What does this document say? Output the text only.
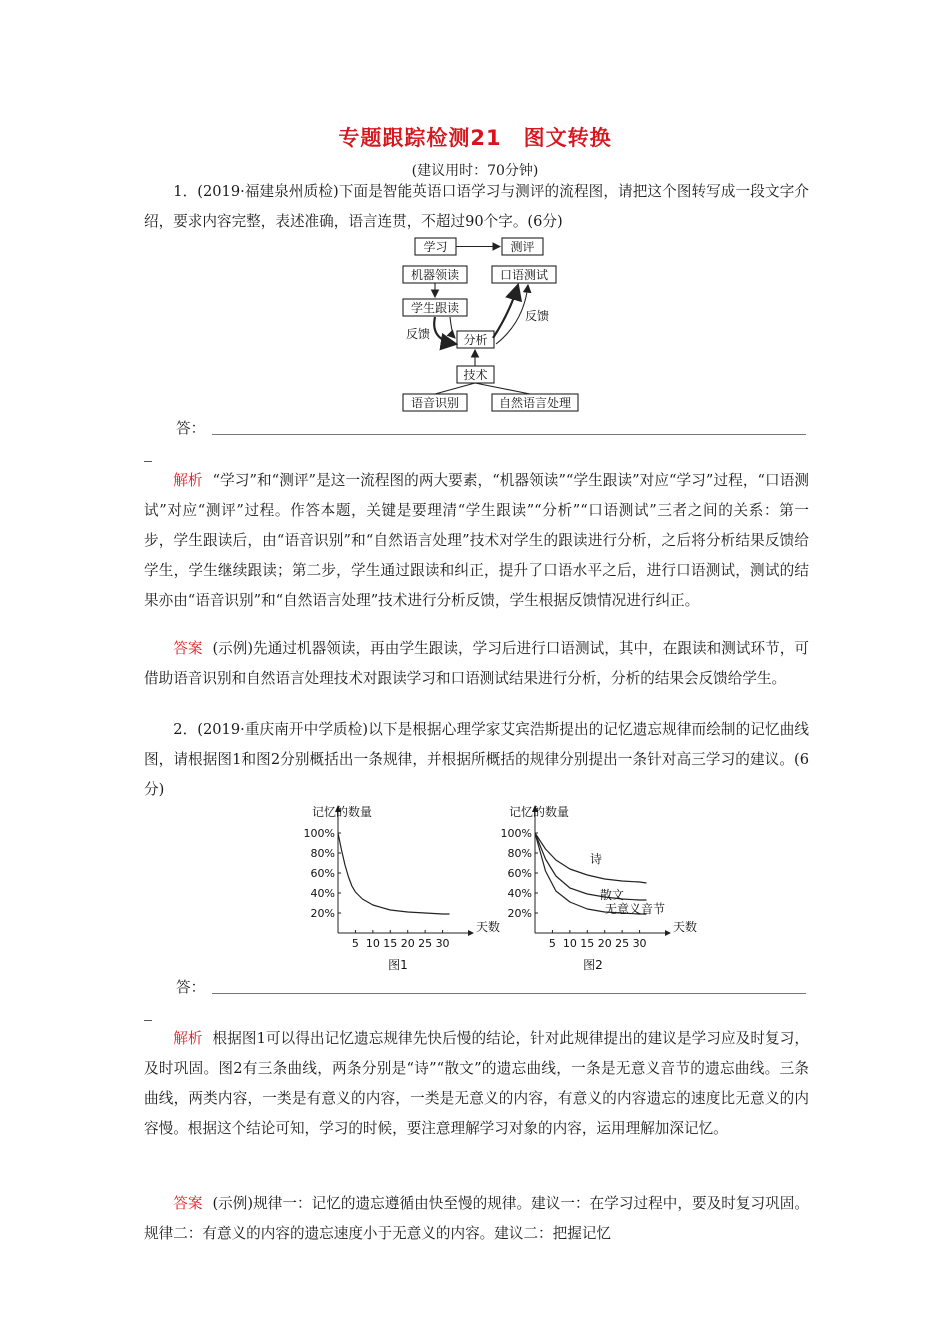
专题跟踪检测21　图文转换
(建议用时：70分钟)
1．(2019·福建泉州质检)下面是智能英语口语学习与测评的流程图，请把这个图转写成一段文字介绍，要求内容完整，表述准确，语言连贯，不超过90个字。(6分)
学习	测评
机器领读	口语测试
学生跟读
分析
技术
语音识别	自然语言处理
反馈
反馈
答：
解析 “学习”和“测评”是这一流程图的两大要素，“机器领读”“学生跟读”对应“学习”过程，“口语测试”对应“测评”过程。作答本题，关键是要理清“学生跟读”“分析”“口语测试”三者之间的关系：第一步，学生跟读后，由“语音识别”和“自然语言处理”技术对学生的跟读进行分析，之后将分析结果反馈给学生，学生继续跟读；第二步，学生通过跟读和纠正，提升了口语水平之后，进行口语测试，测试的结果亦由“语音识别”和“自然语言处理”技术进行分析反馈，学生根据反馈情况进行纠正。
答案 (示例)先通过机器领读，再由学生跟读，学习后进行口语测试，其中，在跟读和测试环节，可借助语音识别和自然语言处理技术对跟读学习和口语测试结果进行分析，分析的结果会反馈给学生。
2．(2019·重庆南开中学质检)以下是根据心理学家艾宾浩斯提出的记忆遗忘规律而绘制的记忆曲线图，请根据图1和图2分别概括出一条规律，并根据所概括的规律分别提出一条针对高三学习的建议。(6分)
记忆的数量
天数
100%
80%
60%
40%
20%
5 10 15 20 25 30
图1
记忆的数量
天数
100%
80%
60%
40%
20%
5 10 15 20 25 30
诗
散文
无意义音节
图2
答：
解析 根据图1可以得出记忆遗忘规律先快后慢的结论，针对此规律提出的建议是学习应及时复习，及时巩固。图2有三条曲线，两条分别是“诗”“散文”的遗忘曲线，一条是无意义音节的遗忘曲线。三条曲线，两类内容，一类是有意义的内容，一类是无意义的内容，有意义的内容遗忘的速度比无意义的内容慢。根据这个结论可知，学习的时候，要注意理解学习对象的内容，运用理解加深记忆。
答案 (示例)规律一：记忆的遗忘遵循由快至慢的规律。建议一：在学习过程中，要及时复习巩固。规律二：有意义的内容的遗忘速度小于无意义的内容。建议二：把握记忆
